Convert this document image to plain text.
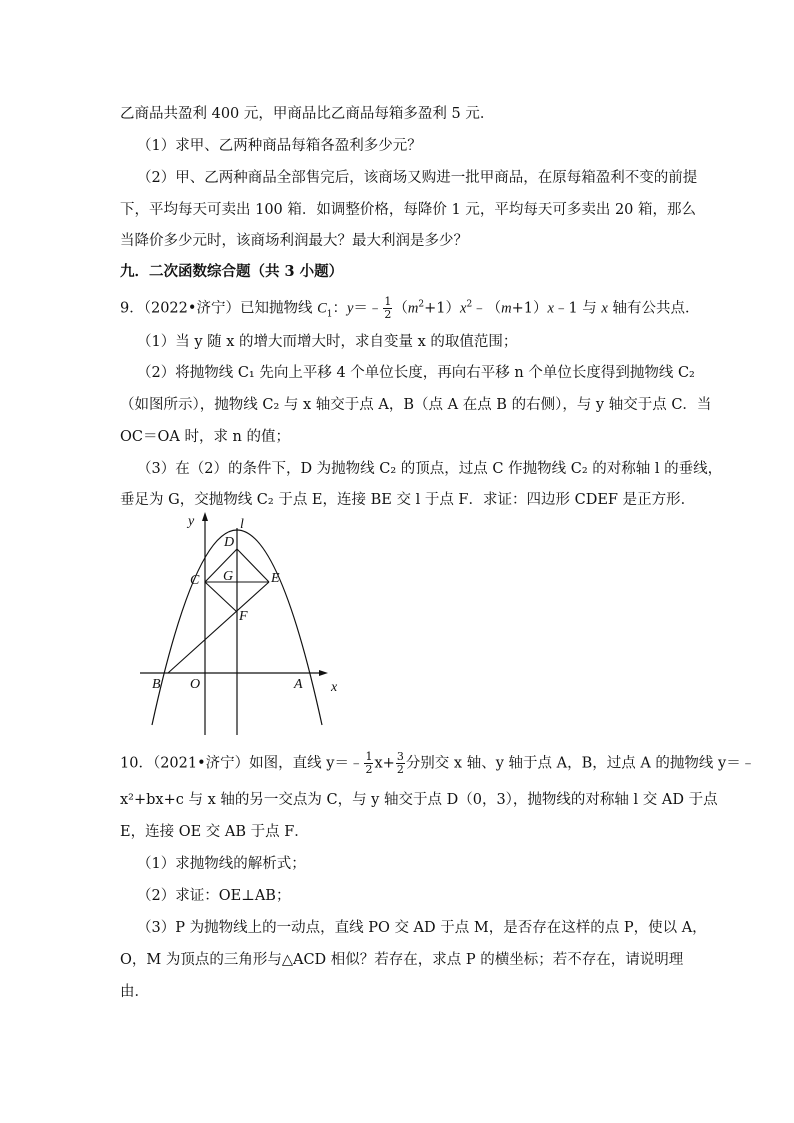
乙商品共盈利 400 元，甲商品比乙商品每箱多盈利 5 元．
（1）求甲、乙两种商品每箱各盈利多少元？
（2）甲、乙两种商品全部售完后，该商场又购进一批甲商品，在原每箱盈利不变的前提
下，平均每天可卖出 100 箱．如调整价格，每降价 1 元，平均每天可多卖出 20 箱，那么
当降价多少元时，该商场利润最大？最大利润是多少？
九．二次函数综合题（共 3 小题）
9．（2022•济宁）已知抛物线 $C_1$：y＝﹣ $\frac{1}{2}$ $(m^2+1)x^2﹣(m+1)x﹣1$ 与 x 轴有公共点．
（1）当 y 随 x 的增大而增大时，求自变量 x 的取值范围；
（2）将抛物线 C₁ 先向上平移 4 个单位长度，再向右平移 n 个单位长度得到抛物线 C₂
（如图所示），抛物线 C₂ 与 x 轴交于点 A，B（点 A 在点 B 的右侧），与 y 轴交于点 C．当
OC＝OA 时，求 n 的值；
（3）在（2）的条件下，D 为抛物线 C₂ 的顶点，过点 C 作抛物线 C₂ 的对称轴 l 的垂线，
垂足为 G，交抛物线 C₂ 于点 E，连接 BE 交 l 于点 F．求证：四边形 CDEF 是正方形．
y	l
D
C G	E
F
B O	A x
10．（2021•济宁）如图，直线 y＝﹣ $\frac{1}{2} x+ \frac{3}{2}$ 分别交 x 轴、y 轴于点 A，B，过点 A 的抛物线 y＝﹣
x²+bx+c 与 x 轴的另一交点为 C，与 y 轴交于点 D（0，3），抛物线的对称轴 l 交 AD 于点
E，连接 OE 交 AB 于点 F．
（1）求抛物线的解析式；
（2）求证：OE⊥AB；
（3）P 为抛物线上的一动点，直线 PO 交 AD 于点 M，是否存在这样的点 P，使以 A，
O，M 为顶点的三角形与△ACD 相似？若存在，求点 P 的横坐标；若不存在，请说明理
由．
